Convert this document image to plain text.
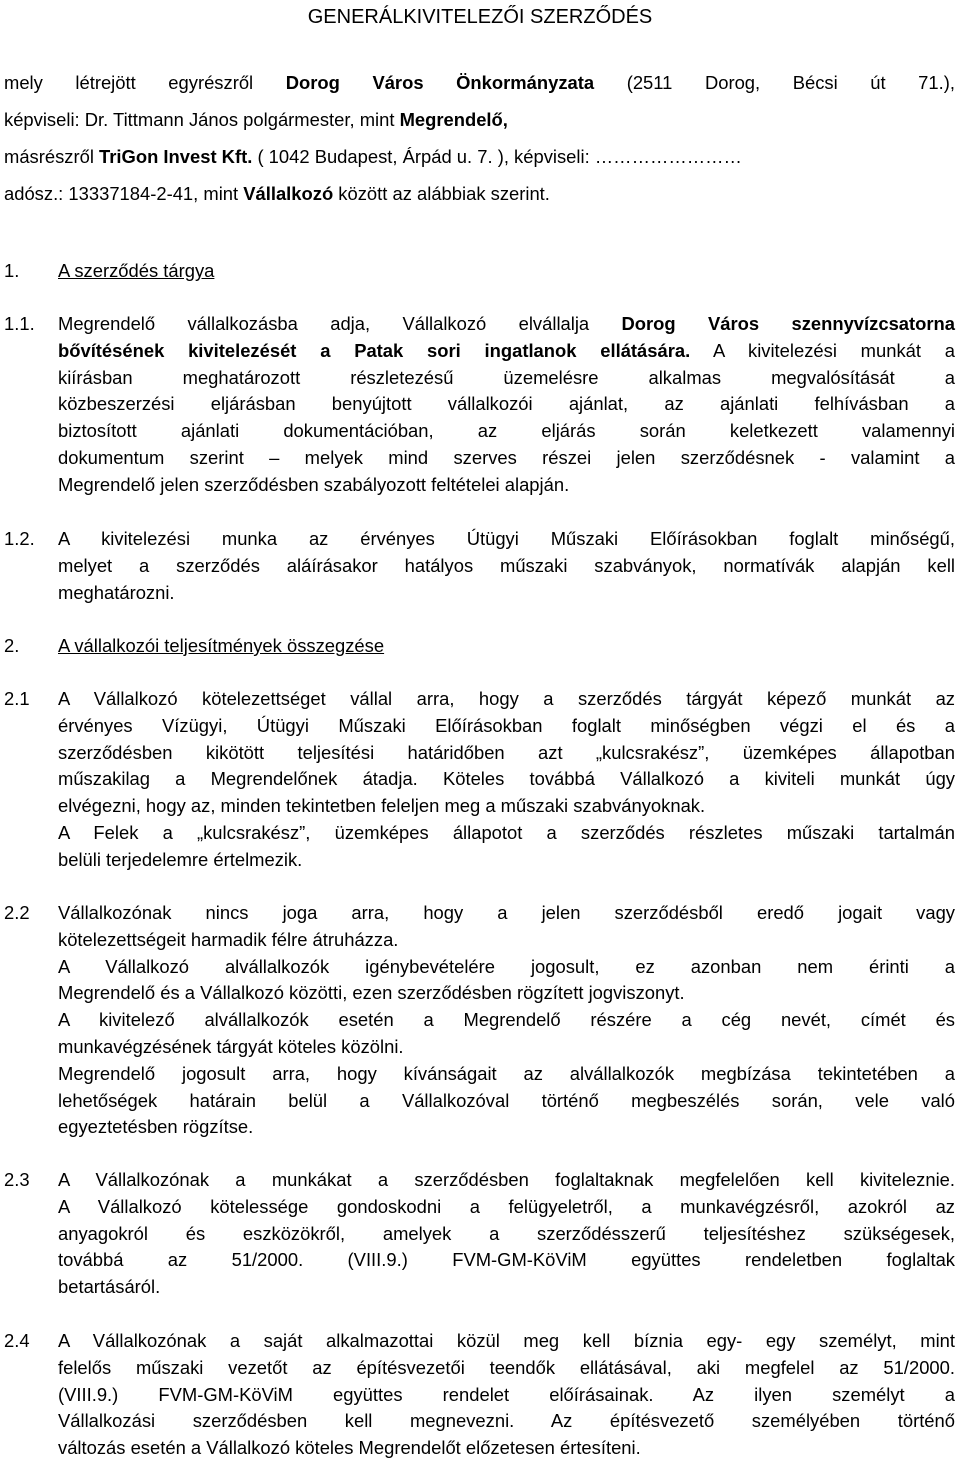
GENERÁLKIVITELEZŐI SZERZŐDÉS
mely létrejött egyrészről Dorog Város Önkormányzata (2511 Dorog, Bécsi út 71.),
képviseli: Dr. Tittmann János polgármester, mint Megrendelő,
másrészről TriGon Invest Kft. ( 1042 Budapest, Árpád u. 7. ), képviseli: ……………………
adósz.: 13337184-2-41, mint Vállalkozó között az alábbiak szerint.
1. A szerződés tárgya
1.1. Megrendelő vállalkozásba adja, Vállalkozó elvállalja Dorog Város szennyvízcsatorna
bővítésének kivitelezését a Patak sori ingatlanok ellátására. A kivitelezési munkát a
kiírásban meghatározott részletezésű üzemelésre alkalmas megvalósítását a
közbeszerzési eljárásban benyújtott vállalkozói ajánlat, az ajánlati felhívásban a
biztosított ajánlati dokumentációban, az eljárás során keletkezett valamennyi
dokumentum szerint – melyek mind szerves részei jelen szerződésnek - valamint a
Megrendelő jelen szerződésben szabályozott feltételei alapján.
1.2. A kivitelezési munka az érvényes Útügyi Műszaki Előírásokban foglalt minőségű,
melyet a szerződés aláírásakor hatályos műszaki szabványok, normatívák alapján kell
meghatározni.
2. A vállalkozói teljesítmények összegzése
2.1 A Vállalkozó kötelezettséget vállal arra, hogy a szerződés tárgyát képező munkát az
érvényes Vízügyi, Útügyi Műszaki Előírásokban foglalt minőségben végzi el és a
szerződésben kikötött teljesítési határidőben azt „kulcsrakész”, üzemképes állapotban
műszakilag a Megrendelőnek átadja. Köteles továbbá Vállalkozó a kiviteli munkát úgy
elvégezni, hogy az, minden tekintetben feleljen meg a műszaki szabványoknak.
A Felek a „kulcsrakész”, üzemképes állapotot a szerződés részletes műszaki tartalmán
belüli terjedelemre értelmezik.
2.2 Vállalkozónak nincs joga arra, hogy a jelen szerződésből eredő jogait vagy
kötelezettségeit harmadik félre átruházza.
A Vállalkozó alvállalkozók igénybevételére jogosult, ez azonban nem érinti a
Megrendelő és a Vállalkozó közötti, ezen szerződésben rögzített jogviszonyt.
A kivitelező alvállalkozók esetén a Megrendelő részére a cég nevét, címét és
munkavégzésének tárgyát köteles közölni.
Megrendelő jogosult arra, hogy kívánságait az alvállalkozók megbízása tekintetében a
lehetőségek határain belül a Vállalkozóval történő megbeszélés során, vele való
egyeztetésben rögzítse.
2.3 A Vállalkozónak a munkákat a szerződésben foglaltaknak megfelelően kell kiviteleznie.
A Vállalkozó kötelessége gondoskodni a felügyeletről, a munkavégzésről, azokról az
anyagokról és eszközökről, amelyek a szerződésszerű teljesítéshez szükségesek,
továbbá az 51/2000. (VIII.9.) FVM-GM-KöViM együttes rendeletben foglaltak
betartásáról.
2.4 A Vállalkozónak a saját alkalmazottai közül meg kell bíznia egy- egy személyt, mint
felelős műszaki vezetőt az építésvezetői teendők ellátásával, aki megfelel az 51/2000.
(VIII.9.) FVM-GM-KöViM együttes rendelet előírásainak. Az ilyen személyt a
Vállalkozási szerződésben kell megnevezni. Az építésvezető személyében történő
változás esetén a Vállalkozó köteles Megrendelőt előzetesen értesíteni.
